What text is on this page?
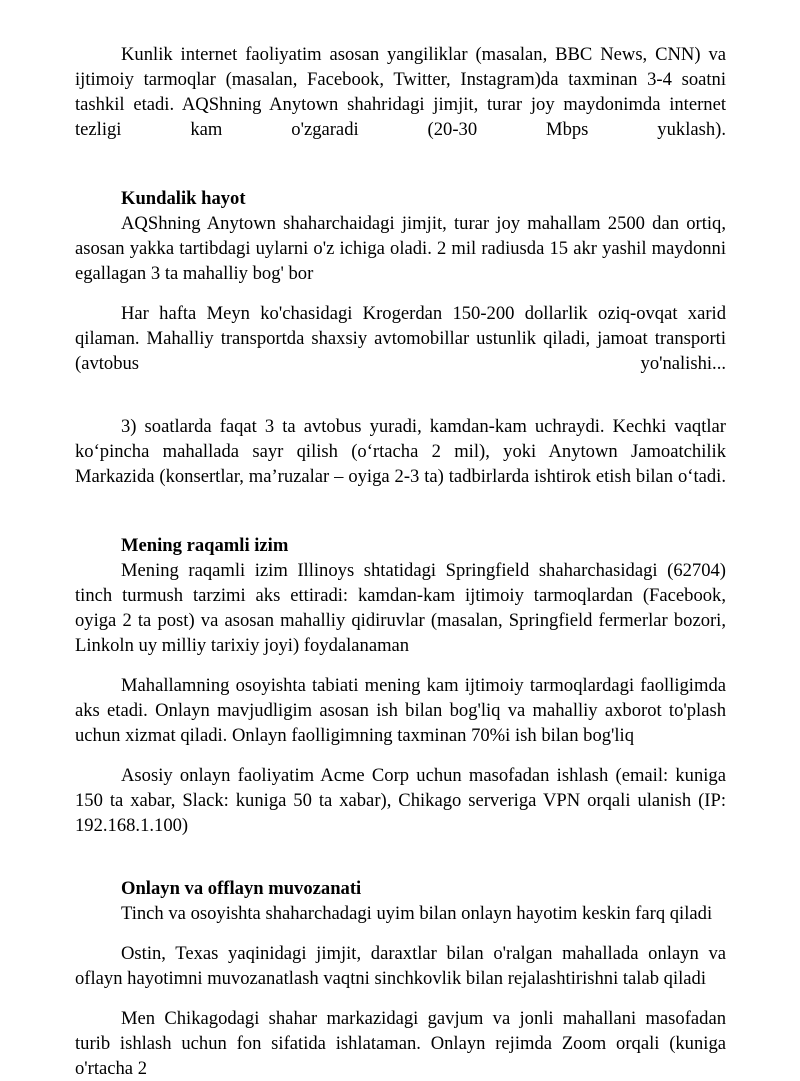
Kunlik internet faoliyatim asosan yangiliklar (masalan, BBC News, CNN) va ijtimoiy tarmoqlar (masalan, Facebook, Twitter, Instagram)da taxminan 3-4 soatni tashkil etadi. AQShning Anytown shahridagi jimjit, turar joy maydonimda internet tezligi kam o'zgaradi (20-30 Mbps yuklash).

Kundalik hayot

AQShning Anytown shaharchaidagi jimjit, turar joy mahallam 2500 dan ortiq, asosan yakka tartibdagi uylarni o'z ichiga oladi. 2 mil radiusda 15 akr yashil maydonni egallagan 3 ta mahalliy bog' bor

Har hafta Meyn ko'chasidagi Krogerdan 150-200 dollarlik oziq-ovqat xarid qilaman. Mahalliy transportda shaxsiy avtomobillar ustunlik qiladi, jamoat transporti (avtobus yo'nalishi...

3) soatlarda faqat 3 ta avtobus yuradi, kamdan-kam uchraydi. Kechki vaqtlar ko‘pincha mahallada sayr qilish (o‘rtacha 2 mil), yoki Anytown Jamoatchilik Markazida (konsertlar, ma’ruzalar – oyiga 2-3 ta) tadbirlarda ishtirok etish bilan o‘tadi.

Mening raqamli izim

Mening raqamli izim Illinoys shtatidagi Springfield shaharchasidagi (62704) tinch turmush tarzimi aks ettiradi: kamdan-kam ijtimoiy tarmoqlardan (Facebook, oyiga 2 ta post) va asosan mahalliy qidiruvlar (masalan, Springfield fermerlar bozori, Linkoln uy milliy tarixiy joyi) foydalanaman

Mahallamning osoyishta tabiati mening kam ijtimoiy tarmoqlardagi faolligimda aks etadi. Onlayn mavjudligim asosan ish bilan bog'liq va mahalliy axborot to'plash uchun xizmat qiladi. Onlayn faolligimning taxminan 70%i ish bilan bog'liq

Asosiy onlayn faoliyatim Acme Corp uchun masofadan ishlash (email: kuniga 150 ta xabar, Slack: kuniga 50 ta xabar), Chikago serveriga VPN orqali ulanish (IP: 192.168.1.100)

Onlayn va offlayn muvozanati

Tinch va osoyishta shaharchadagi uyim bilan onlayn hayotim keskin farq qiladi

Ostin, Texas yaqinidagi jimjit, daraxtlar bilan o'ralgan mahallada onlayn va oflayn hayotimni muvozanatlash vaqtni sinchkovlik bilan rejalashtirishni talab qiladi

Men Chikagodagi shahar markazidagi gavjum va jonli mahallani masofadan turib ishlash uchun fon sifatida ishlataman. Onlayn rejimda Zoom orqali (kuniga o'rtacha 2
